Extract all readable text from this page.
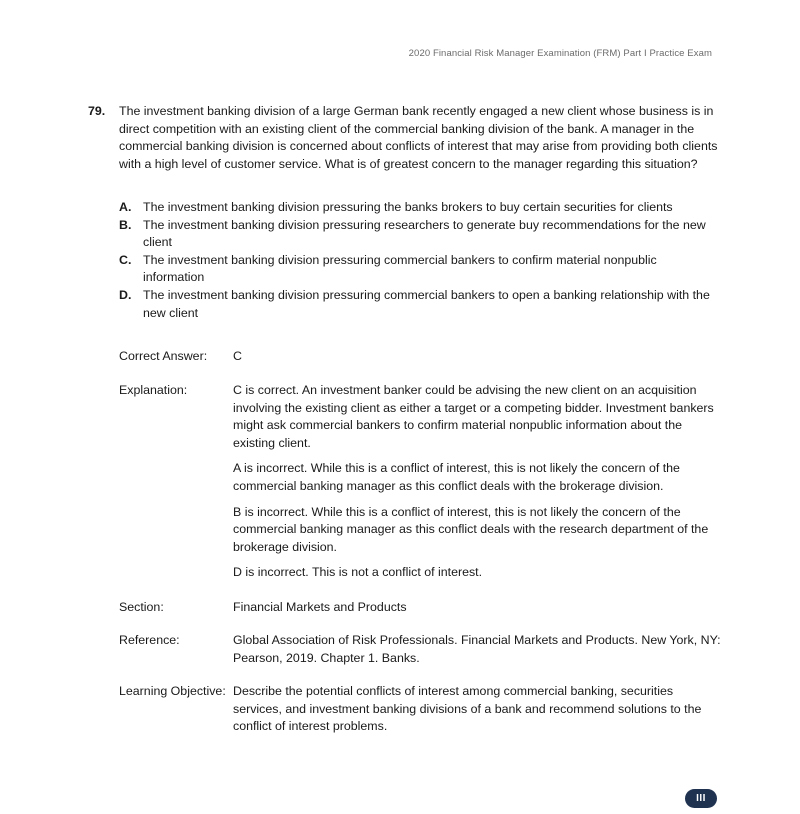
2020 Financial Risk Manager Examination (FRM) Part I Practice Exam
79. The investment banking division of a large German bank recently engaged a new client whose business is in direct competition with an existing client of the commercial banking division of the bank. A manager in the commercial banking division is concerned about conflicts of interest that may arise from providing both clients with a high level of customer service. What is of greatest concern to the manager regarding this situation?
A. The investment banking division pressuring the banks brokers to buy certain securities for clients
B. The investment banking division pressuring researchers to generate buy recommendations for the new client
C. The investment banking division pressuring commercial bankers to confirm material nonpublic information
D. The investment banking division pressuring commercial bankers to open a banking relationship with the new client
Correct Answer:	C
Explanation:	C is correct. An investment banker could be advising the new client on an acquisition involving the existing client as either a target or a competing bidder. Investment bankers might ask commercial bankers to confirm material nonpublic information about the existing client.

A is incorrect. While this is a conflict of interest, this is not likely the concern of the commercial banking manager as this conflict deals with the brokerage division.

B is incorrect. While this is a conflict of interest, this is not likely the concern of the commercial banking manager as this conflict deals with the research department of the brokerage division.

D is incorrect. This is not a conflict of interest.

Section:	Financial Markets and Products
Reference:	Global Association of Risk Professionals. Financial Markets and Products. New York, NY: Pearson, 2019. Chapter 1. Banks.
Learning Objective: Describe the potential conflicts of interest among commercial banking, securities services, and investment banking divisions of a bank and recommend solutions to the conflict of interest problems.
III
